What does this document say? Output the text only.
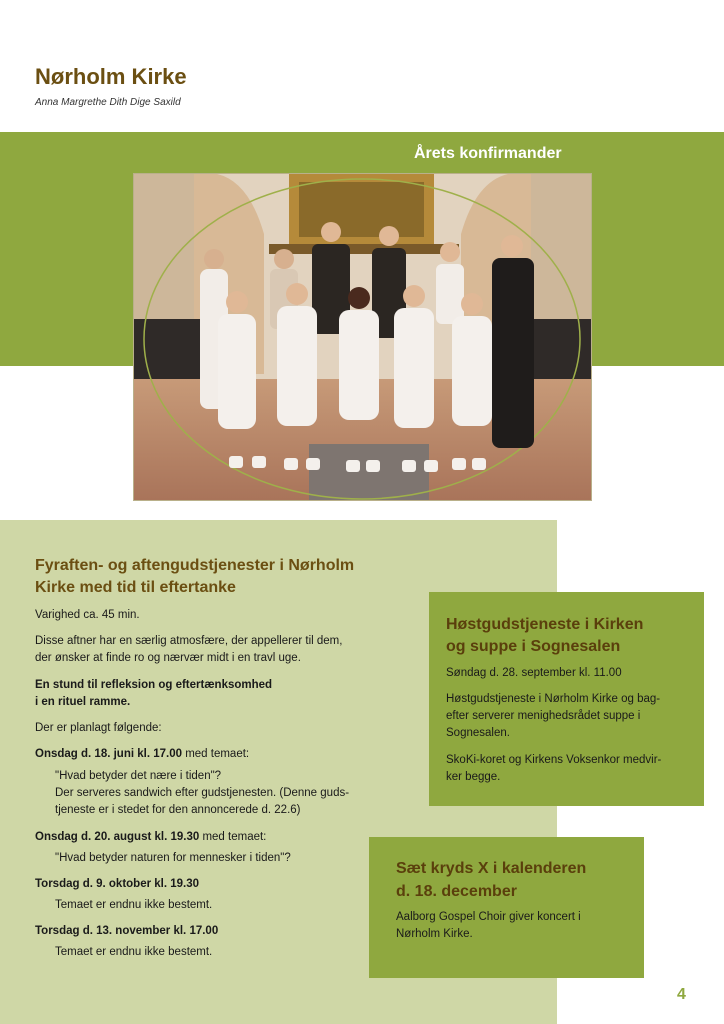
Nørholm Kirke
Anna Margrethe Dith Dige Saxild
Årets konfirmander
Fyraften- og aftengudstjenester i Nørholm Kirke med tid til eftertanke

Varighed ca. 45 min.

Disse aftner har en særlig atmosfære, der appellerer til dem,

der ønsker at finde ro og nærvær midt i en travl uge.

En stund til refleksion og eftertænksomhed

i en rituel ramme.

Der er planlagt følgende:

Onsdag d. 18. juni kl. 17.00 med temaet:

"Hvad betyder det nære i tiden"?

Der serveres sandwich efter gudstjenesten. (Denne guds-

tjeneste er i stedet for den annoncerede d. 22.6)

Onsdag d. 20. august kl. 19.30 med temaet:

"Hvad betyder naturen for mennesker i tiden"?

Torsdag d. 9. oktober kl. 19.30

Temaet er endnu ikke bestemt.

Torsdag d. 13. november kl. 17.00

Temaet er endnu ikke bestemt.

Høstgudstjeneste i Kirken

og suppe i Sognesalen

Søndag d. 28. september kl. 11.00

Høstgudstjeneste i Nørholm Kirke og bag-

efter serverer menighedsrådet suppe i

Sognesalen.

SkoKi-koret og Kirkens Voksenkor medvir-

ker begge.

Sæt kryds X i kalenderen

d. 18. december

Aalborg Gospel Choir giver koncert i

Nørholm Kirke.

4
